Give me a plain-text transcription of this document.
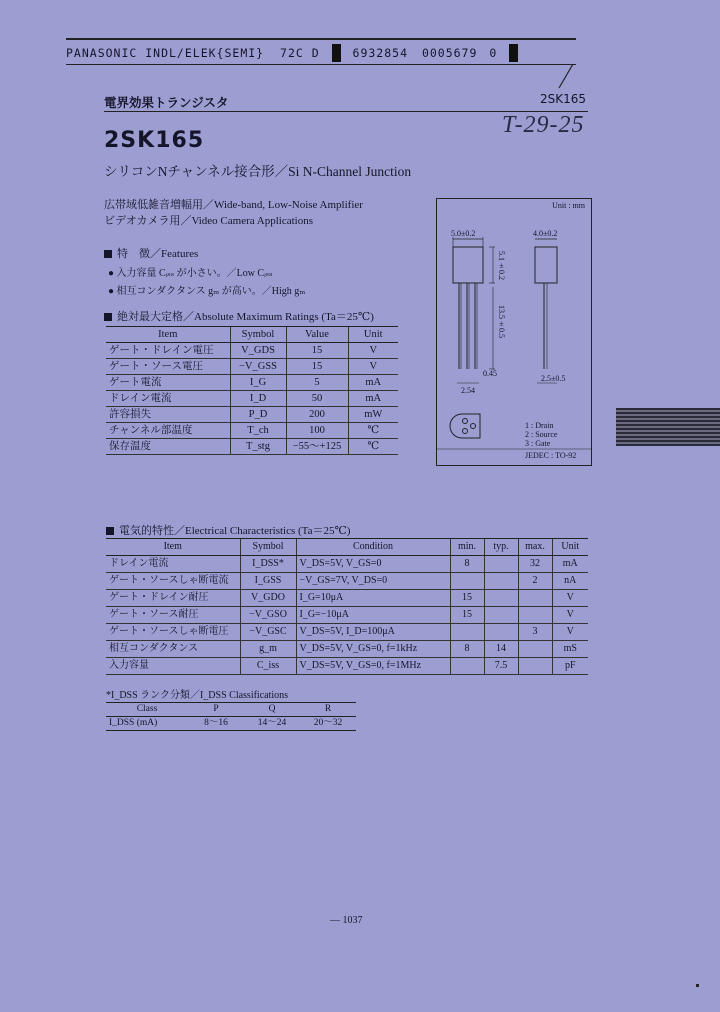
PANASONIC INDL/ELEK{SEMI} 72C D	6932854 0005679 0
電界効果トランジスタ	2SK165
T-29-25
2SK165
シリコンNチャンネル接合形／Si N-Channel Junction
広帯域低雑音増幅用／Wide-band, Low-Noise Amplifier
ビデオカメラ用／Video Camera Applications
特　徴／Features
● 入力容量 Cᵢₛₛ が小さい。／Low Cᵢₛₛ
● 相互コンダクタンス gₘ が高い。／High gₘ
絶対最大定格／Absolute Maximum Ratings (Ta＝25℃)
Item	Symbol	Value	Unit
ゲート・ドレイン電圧	V_GDS	15	V
ゲート・ソース電圧	−V_GSS	15	V
ゲート電流	I_G	5	mA
ドレイン電流	I_D	50	mA
許容損失	P_D	200	mW
チャンネル部温度	T_ch	100	℃
保存温度	T_stg	−55〜+125	℃
Unit : mm
5.0±0.2	4.0±0.2
5.1±0.2
13.5±0.5
0.45
2.5±0.5
2.54
1 : Drain
2 : Source
3 : Gate
JEDEC : TO-92
電気的特性／Electrical Characteristics (Ta＝25℃)
Item	Symbol	Condition	min.	typ.	max.	Unit
ドレイン電流	I_DSS*	V_DS=5V, V_GS=0	8		32	mA
ゲート・ソースしゃ断電流	I_GSS	−V_GS=7V, V_DS=0			2	nA
ゲート・ドレイン耐圧	V_GDO	I_G=10μA	15			V
ゲート・ソース耐圧	−V_GSO	I_G=−10μA	15			V
ゲート・ソースしゃ断電圧	−V_GSC	V_DS=5V, I_D=100μA			3	V
相互コンダクタンス	g_m	V_DS=5V, V_GS=0, f=1kHz	8	14		mS
入力容量	C_iss	V_DS=5V, V_GS=0, f=1MHz		7.5		pF
*I_DSS ランク分類／I_DSS Classifications
Class	P	Q	R
I_DSS (mA)	8〜16	14〜24	20〜32
— 1037
